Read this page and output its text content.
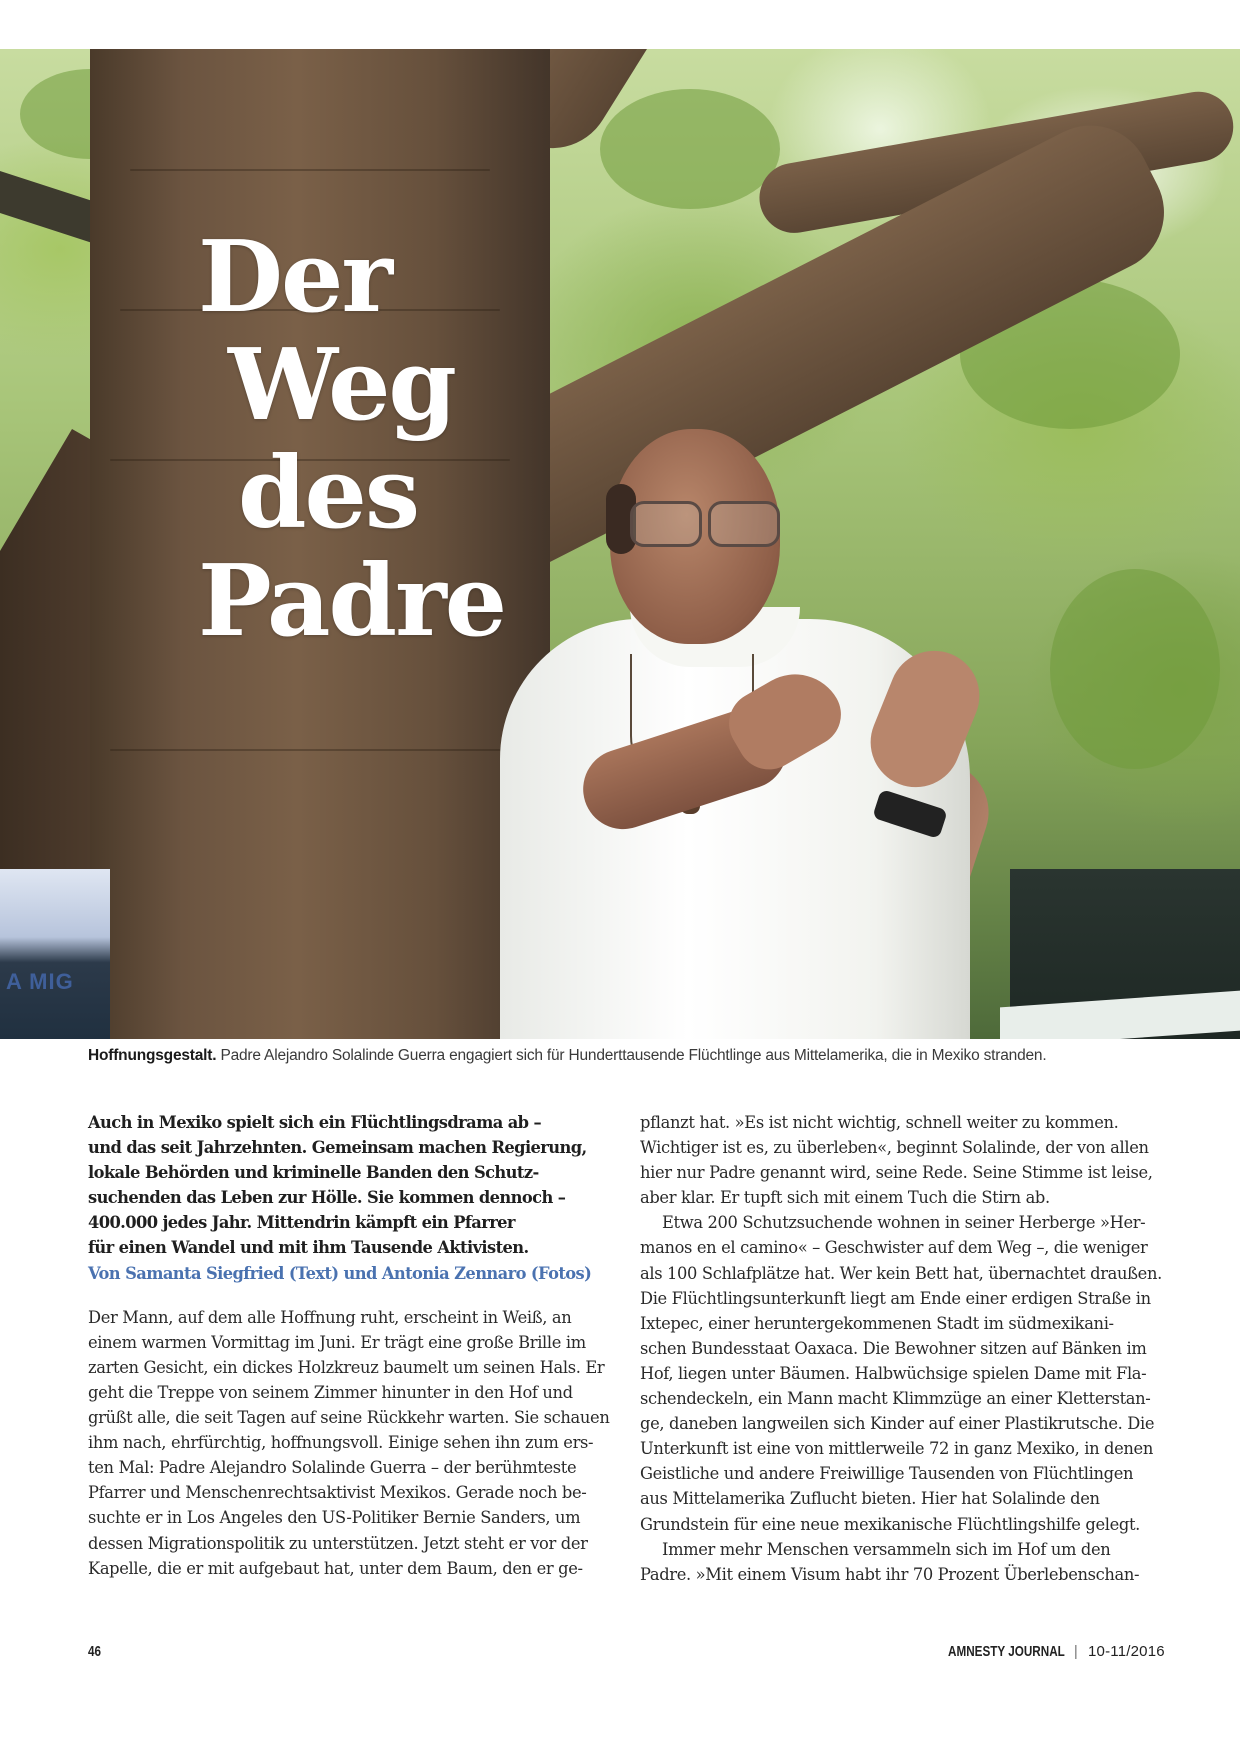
A MIG
Der
Weg
des
Padre
Hoffnungsgestalt. Padre Alejandro Solalinde Guerra engagiert sich für Hunderttausende Flüchtlinge aus Mittelamerika, die in Mexiko stranden.

Auch in Mexiko spielt sich ein Flüchtlingsdrama ab –
und das seit Jahrzehnten. Gemeinsam machen Regierung,
lokale Behörden und kriminelle Banden den Schutz-
suchenden das Leben zur Hölle. Sie kommen dennoch –
400.000 jedes Jahr. Mittendrin kämpft ein Pfarrer
für einen Wandel und mit ihm Tausende Aktivisten.
Von Samanta Siegfried (Text) und Antonia Zennaro (Fotos)

Der Mann, auf dem alle Hoffnung ruht, erscheint in Weiß, an
einem warmen Vormittag im Juni. Er trägt eine große Brille im
zarten Gesicht, ein dickes Holzkreuz baumelt um seinen Hals. Er
geht die Treppe von seinem Zimmer hinunter in den Hof und
grüßt alle, die seit Tagen auf seine Rückkehr warten. Sie schauen
ihm nach, ehrfürchtig, hoffnungsvoll. Einige sehen ihn zum ers-
ten Mal: Padre Alejandro Solalinde Guerra – der berühmteste
Pfarrer und Menschenrechtsaktivist Mexikos. Gerade noch be-
suchte er in Los Angeles den US-Politiker Bernie Sanders, um
dessen Migrationspolitik zu unterstützen. Jetzt steht er vor der
Kapelle, die er mit aufgebaut hat, unter dem Baum, den er ge-

pflanzt hat. »Es ist nicht wichtig, schnell weiter zu kommen.
Wichtiger ist es, zu überleben«, beginnt Solalinde, der von allen
hier nur Padre genannt wird, seine Rede. Seine Stimme ist leise,
aber klar. Er tupft sich mit einem Tuch die Stirn ab.

Etwa 200 Schutzsuchende wohnen in seiner Herberge »Her-
manos en el camino« – Geschwister auf dem Weg –, die weniger
als 100 Schlafplätze hat. Wer kein Bett hat, übernachtet draußen.
Die Flüchtlingsunterkunft liegt am Ende einer erdigen Straße in
Ixtepec, einer heruntergekommenen Stadt im südmexikani-
schen Bundesstaat Oaxaca. Die Bewohner sitzen auf Bänken im
Hof, liegen unter Bäumen. Halbwüchsige spielen Dame mit Fla-
schendeckeln, ein Mann macht Klimmzüge an einer Kletterstan-
ge, daneben langweilen sich Kinder auf einer Plastikrutsche. Die
Unterkunft ist eine von mittlerweile 72 in ganz Mexiko, in denen
Geistliche und andere Freiwillige Tausenden von Flüchtlingen
aus Mittelamerika Zuflucht bieten. Hier hat Solalinde den
Grundstein für eine neue mexikanische Flüchtlingshilfe gelegt.

Immer mehr Menschen versammeln sich im Hof um den
Padre. »Mit einem Visum habt ihr 70 Prozent Überlebenschan-

46	AMNESTY JOURNAL | 10-11/2016
